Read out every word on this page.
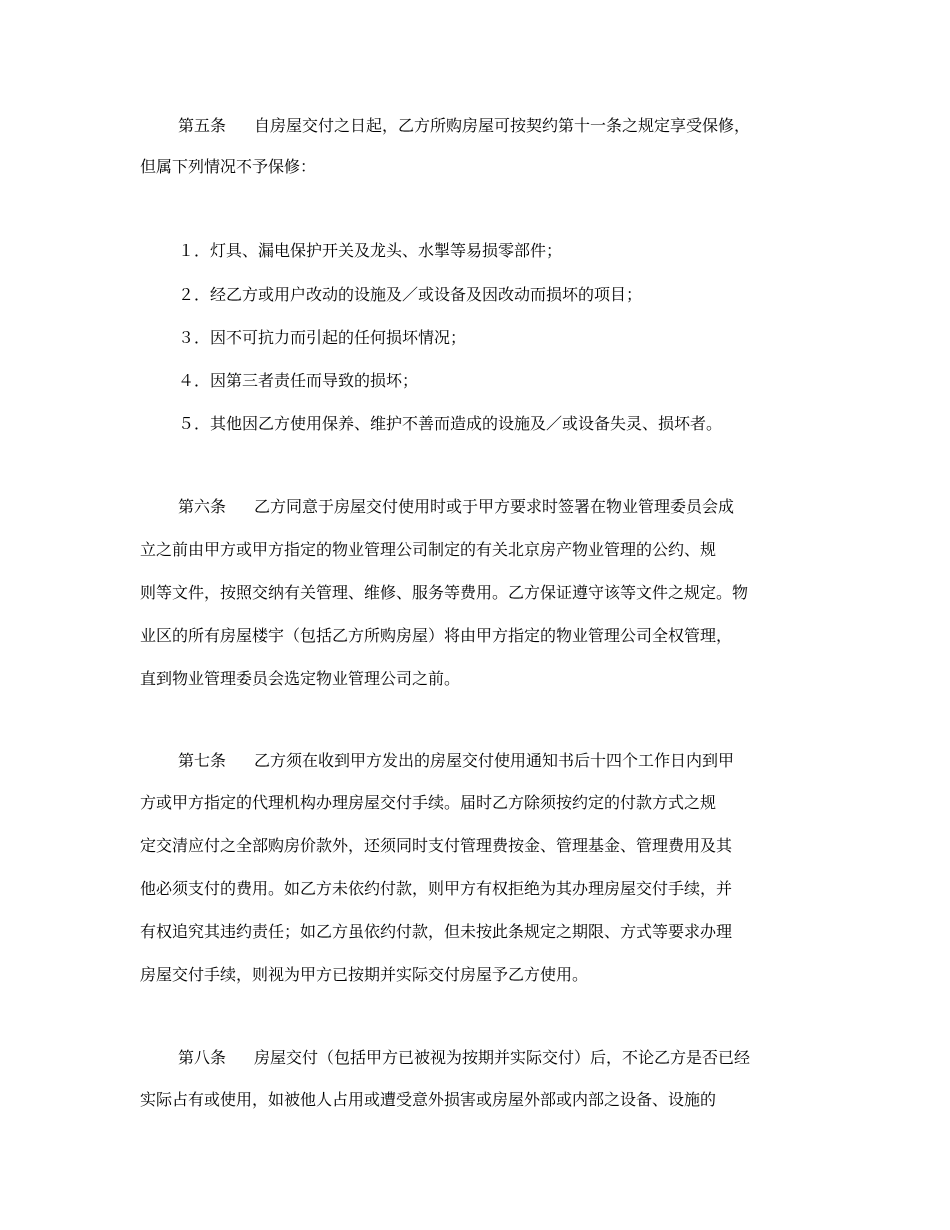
第五条 自房屋交付之日起，乙方所购房屋可按契约第十一条之规定享受保修，
但属下列情况不予保修：
１．灯具、漏电保护开关及龙头、水掣等易损零部件；
２．经乙方或用户改动的设施及／或设备及因改动而损坏的项目；
３．因不可抗力而引起的任何损坏情况；
４．因第三者责任而导致的损坏；
５．其他因乙方使用保养、维护不善而造成的设施及／或设备失灵、损坏者。
第六条 乙方同意于房屋交付使用时或于甲方要求时签署在物业管理委员会成
立之前由甲方或甲方指定的物业管理公司制定的有关北京房产物业管理的公约、规
则等文件，按照交纳有关管理、维修、服务等费用。乙方保证遵守该等文件之规定。物
业区的所有房屋楼宇（包括乙方所购房屋）将由甲方指定的物业管理公司全权管理，
直到物业管理委员会选定物业管理公司之前。
第七条 乙方须在收到甲方发出的房屋交付使用通知书后十四个工作日内到甲
方或甲方指定的代理机构办理房屋交付手续。届时乙方除须按约定的付款方式之规
定交清应付之全部购房价款外，还须同时支付管理费按金、管理基金、管理费用及其
他必须支付的费用。如乙方未依约付款，则甲方有权拒绝为其办理房屋交付手续，并
有权追究其违约责任；如乙方虽依约付款，但未按此条规定之期限、方式等要求办理
房屋交付手续，则视为甲方已按期并实际交付房屋予乙方使用。
第八条 房屋交付（包括甲方已被视为按期并实际交付）后，不论乙方是否已经
实际占有或使用，如被他人占用或遭受意外损害或房屋外部或内部之设备、设施的
